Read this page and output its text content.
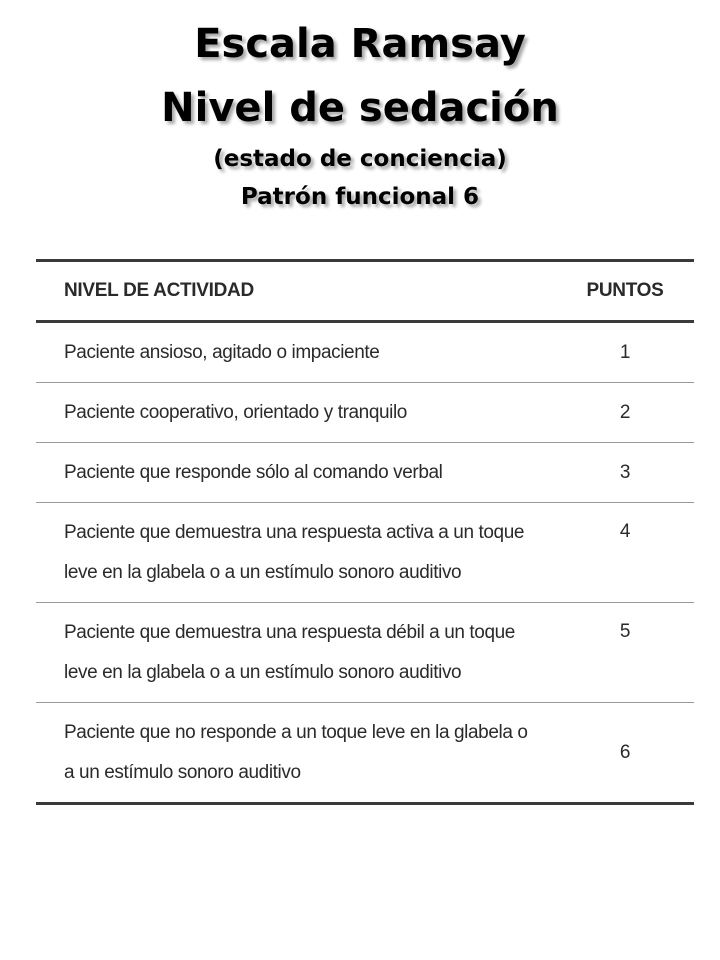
Escala Ramsay
Nivel de sedación
(estado de conciencia)
Patrón funcional 6
NIVEL DE ACTIVIDAD	PUNTOS
Paciente ansioso, agitado o impaciente	1
Paciente cooperativo, orientado y tranquilo	2
Paciente que responde sólo al comando verbal	3
Paciente que demuestra una respuesta activa a un toque
leve en la glabela o a un estímulo sonoro auditivo	4
Paciente que demuestra una respuesta débil a un toque
leve en la glabela o a un estímulo sonoro auditivo	5
Paciente que no responde a un toque leve en la glabela o
a un estímulo sonoro auditivo	6
